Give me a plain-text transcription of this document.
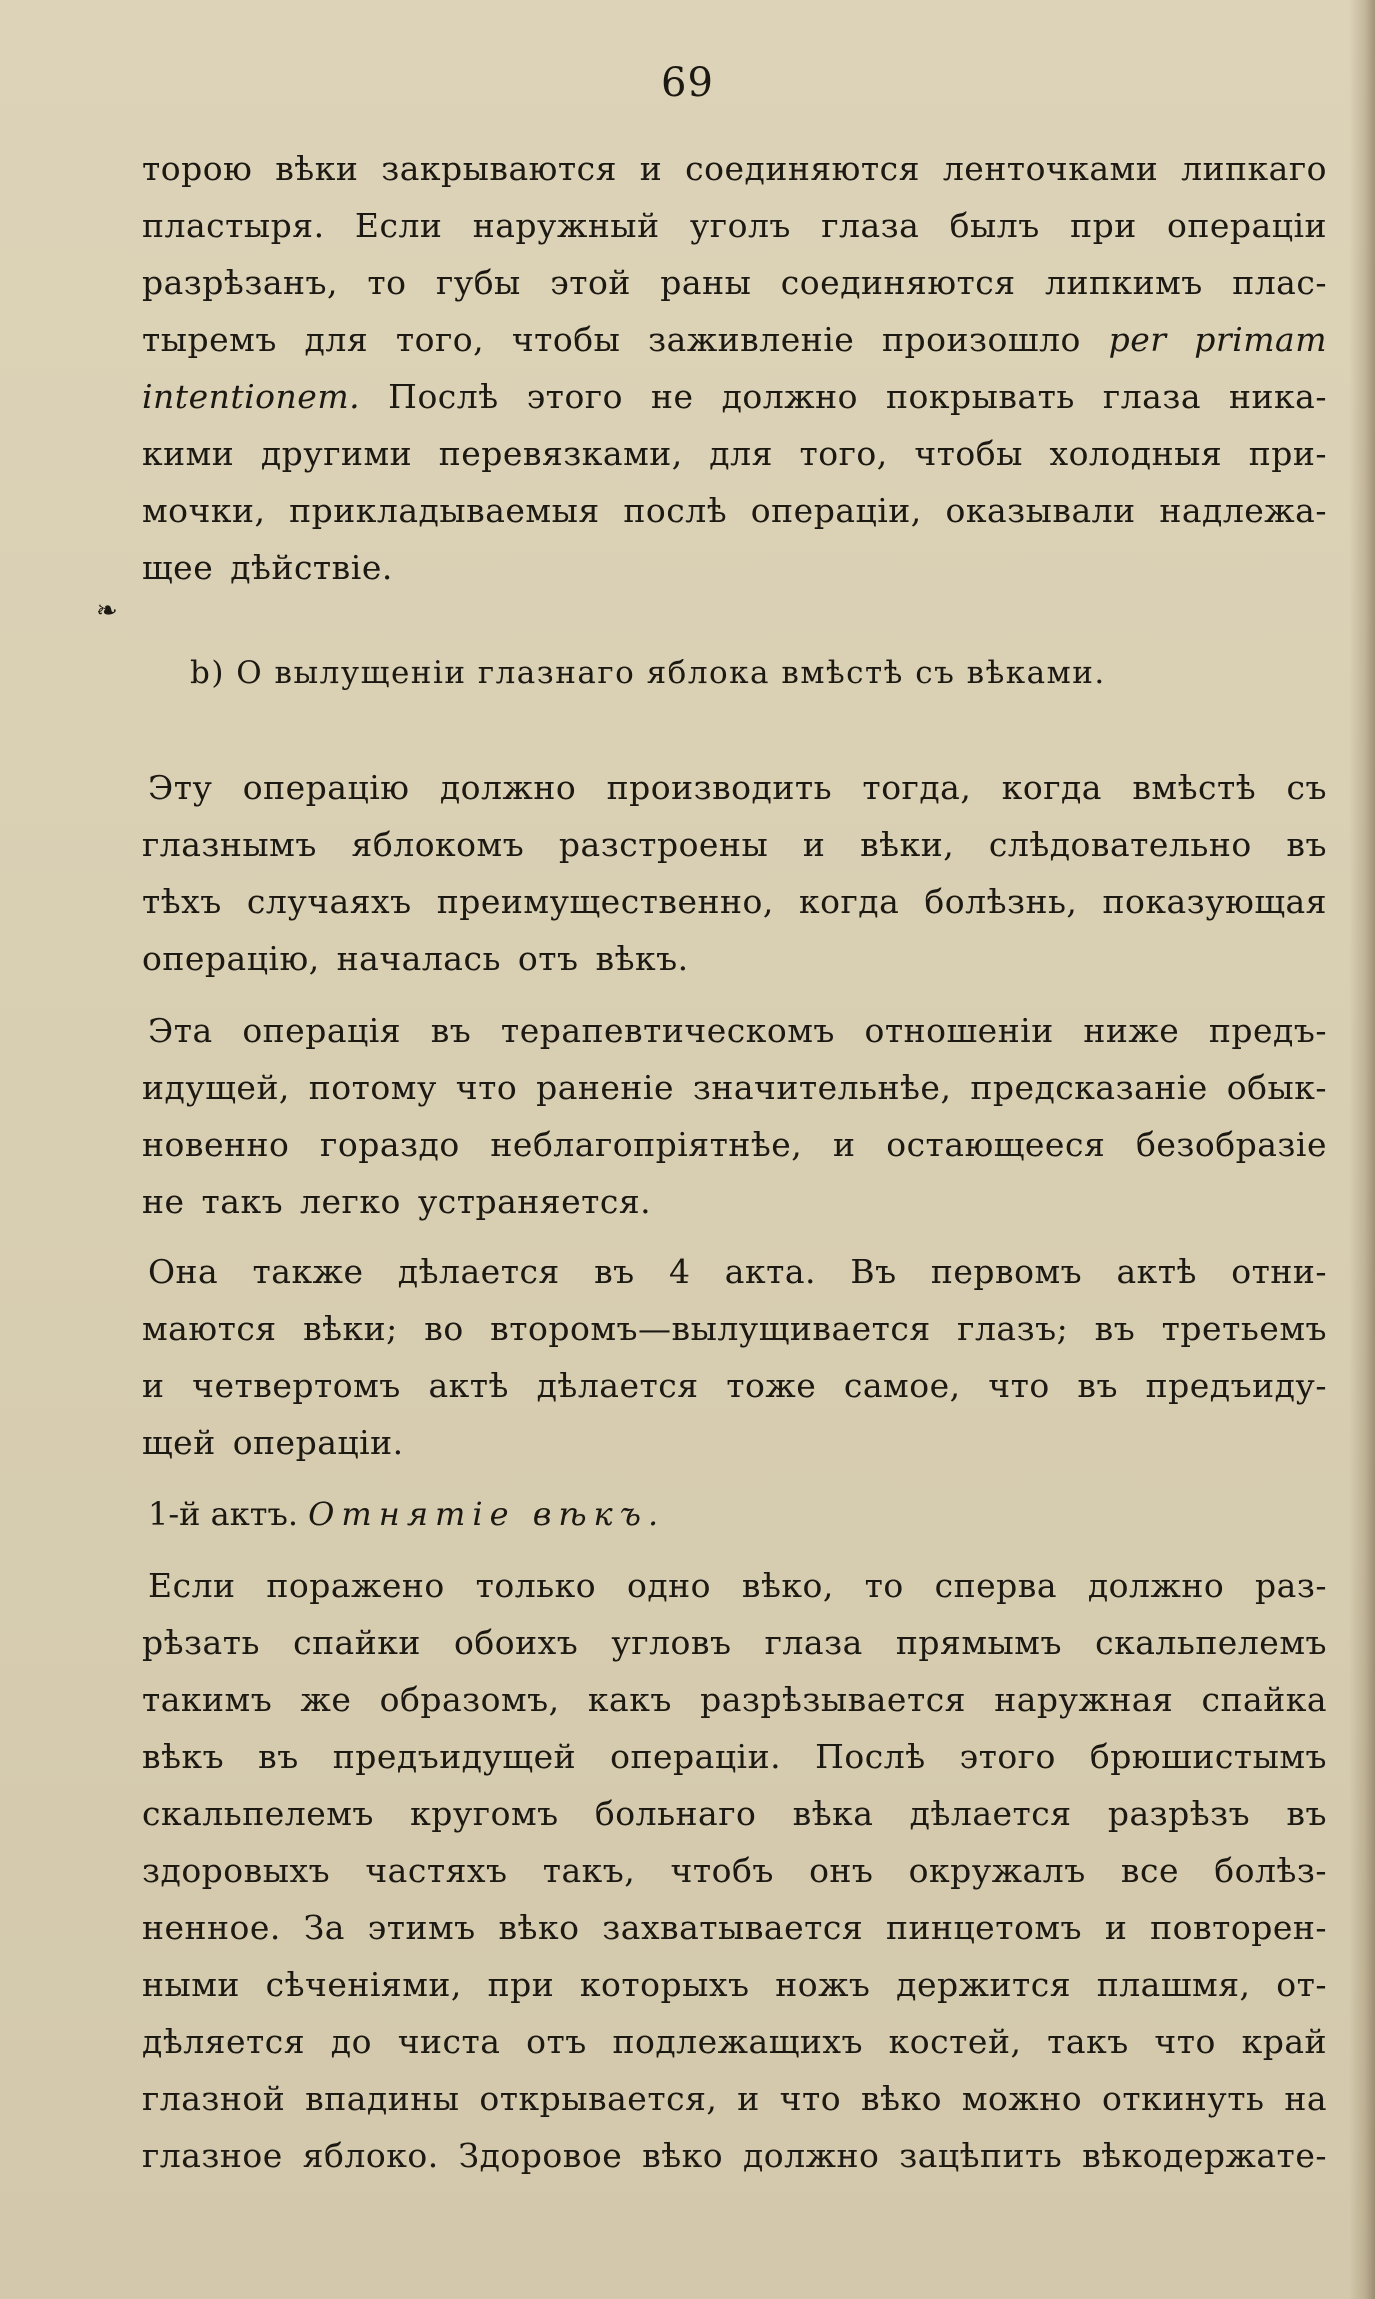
69
торою вѣки закрываются и соединяются ленточками липкаго
пластыря. Если наружный уголъ глаза былъ при операціи
разрѣзанъ, то губы этой раны соединяются липкимъ плас-
тыремъ для того, чтобы заживленіе произошло per primam
intentionem. Послѣ этого не должно покрывать глаза ника-
кими другими перевязками, для того, чтобы холодныя при-
мочки, прикладываемыя послѣ операціи, оказывали надлежа-
щее дѣйствіе.
❧
b) О вылущеніи глазнаго яблока вмѣстѣ съ вѣками.
Эту операцію должно производить тогда, когда вмѣстѣ съ
глазнымъ яблокомъ разстроены и вѣки, слѣдовательно въ
тѣхъ случаяхъ преимущественно, когда болѣзнь, показующая
операцію, началась отъ вѣкъ.
Эта операція въ терапевтическомъ отношеніи ниже предъ-
идущей, потому что раненіе значительнѣе, предсказаніе обык-
новенно гораздо неблагопріятнѣе, и остающееся безобразіе
не такъ легко устраняется.
Она также дѣлается въ 4 акта. Въ первомъ актѣ отни-
маются вѣки; во второмъ—вылущивается глазъ; въ третьемъ
и четвертомъ актѣ дѣлается тоже самое, что въ предъиду-
щей операціи.
1-й актъ. Отнятіе вѣкъ.
Если поражено только одно вѣко, то сперва должно раз-
рѣзать спайки обоихъ угловъ глаза прямымъ скальпелемъ
такимъ же образомъ, какъ разрѣзывается наружная спайка
вѣкъ въ предъидущей операціи. Послѣ этого брюшистымъ
скальпелемъ кругомъ больнаго вѣка дѣлается разрѣзъ въ
здоровыхъ частяхъ такъ, чтобъ онъ окружалъ все болѣз-
ненное. За этимъ вѣко захватывается пинцетомъ и повторен-
ными сѣченіями, при которыхъ ножъ держится плашмя, от-
дѣляется до чиста отъ подлежащихъ костей, такъ что край
глазной впадины открывается, и что вѣко можно откинуть на
глазное яблоко. Здоровое вѣко должно зацѣпить вѣкодержате-
